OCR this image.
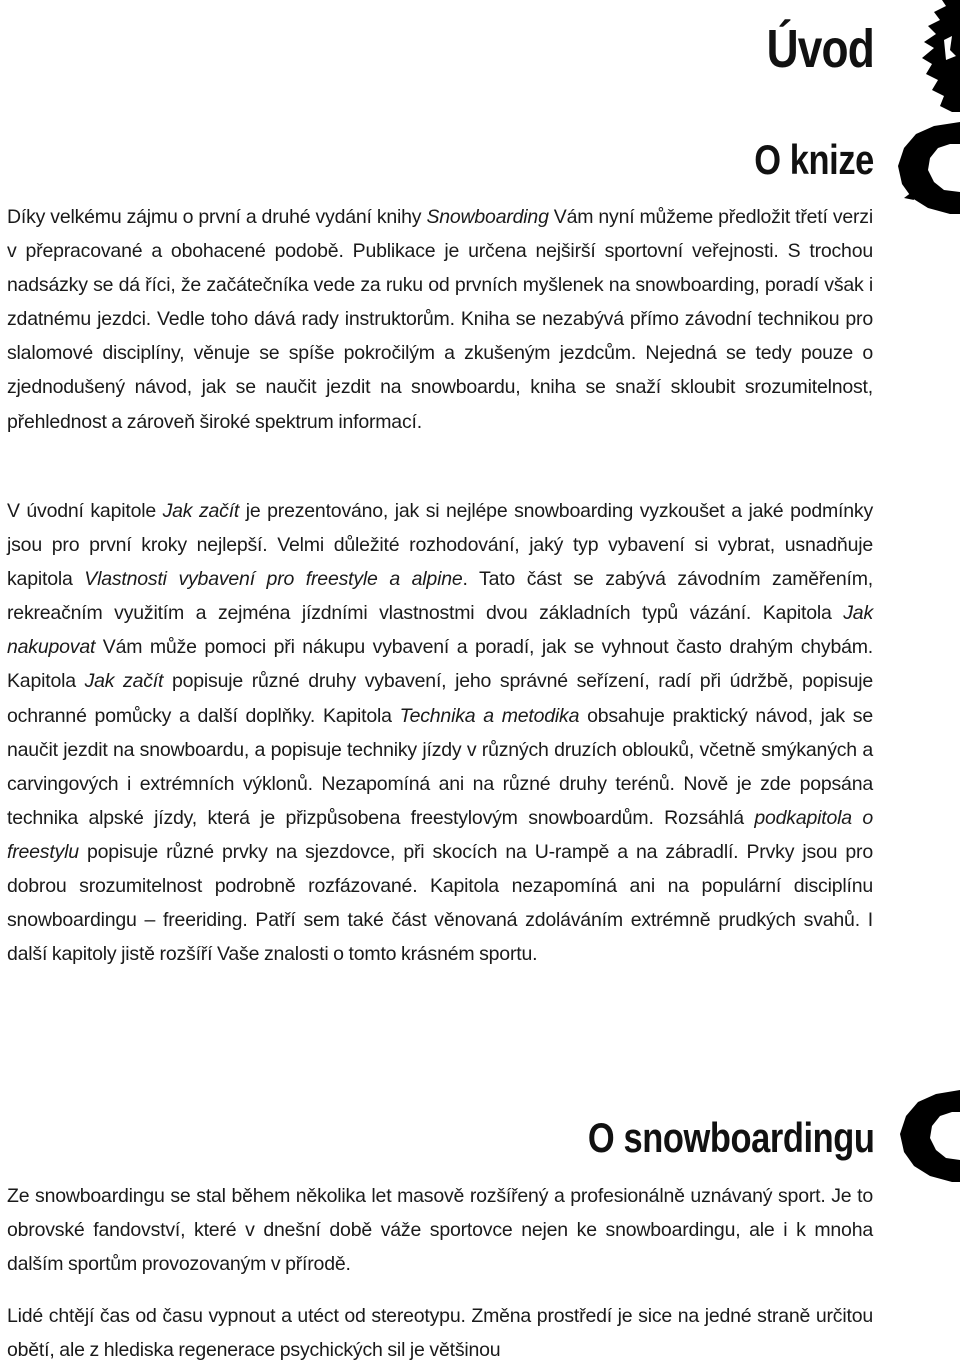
Úvod
O knize

Díky velkému zájmu o první a druhé vydání knihy Snowboarding Vám nyní můžeme předložit třetí verzi v přepracované a obohacené podobě. Publikace je určena nejširší sportovní veřejnosti. S trochou nadsázky se dá říci, že začátečníka vede za ruku od prvních myšlenek na snowboarding, poradí však i zdatnému jezdci. Vedle toho dává rady instruktorům. Kniha se nezabývá přímo závodní technikou pro slalomové disciplíny, věnuje se spíše pokročilým a zkušeným jezdcům. Nejedná se tedy pouze o zjednodušený návod, jak se naučit jezdit na snowboardu, kniha se snaží skloubit srozumitelnost, přehlednost a zároveň široké spektrum informací.

V úvodní kapitole Jak začít je prezentováno, jak si nejlépe snowboarding vyzkoušet a jaké podmínky jsou pro první kroky nejlepší. Velmi důležité rozhodování, jaký typ vybavení si vybrat, usnadňuje kapitola Vlastnosti vybavení pro freestyle a alpine. Tato část se zabývá závodním zaměřením, rekreačním využitím a zejména jízdními vlastnostmi dvou základních typů vázání. Kapitola Jak nakupovat Vám může pomoci při nákupu vybavení a poradí, jak se vyhnout často drahým chybám. Kapitola Jak začít popisuje různé druhy vybavení, jeho správné seřízení, radí při údržbě, popisuje ochranné pomůcky a další doplňky. Kapitola Technika a metodika obsahuje praktický návod, jak se naučit jezdit na snowboardu, a popisuje techniky jízdy v různých druzích oblouků, včetně smýkaných a carvingových i extrémních výklonů. Nezapomíná ani na různé druhy terénů. Nově je zde popsána technika alpské jízdy, která je přizpůsobena freestylovým snowboardům. Rozsáhlá podkapitola o freestylu popisuje různé prvky na sjezdovce, při skocích na U-rampě a na zábradlí. Prvky jsou pro dobrou srozumitelnost podrobně rozfázované. Kapitola nezapomíná ani na populární disciplínu snowboardingu – freeriding. Patří sem také část věnovaná zdoláváním extrémně prudkých svahů. I další kapitoly jistě rozšíří Vaše znalosti o tomto krásném sportu.

O snowboardingu

Ze snowboardingu se stal během několika let masově rozšířený a profesionálně uznávaný sport. Je to obrovské fandovství, které v dnešní době váže sportovce nejen ke snowboardingu, ale i k mnoha dalším sportům provozovaným v přírodě.

Lidé chtějí čas od času vypnout a utéct od stereotypu. Změna prostředí je sice na jedné straně určitou obětí, ale z hlediska regenerace psychických sil je většinou
